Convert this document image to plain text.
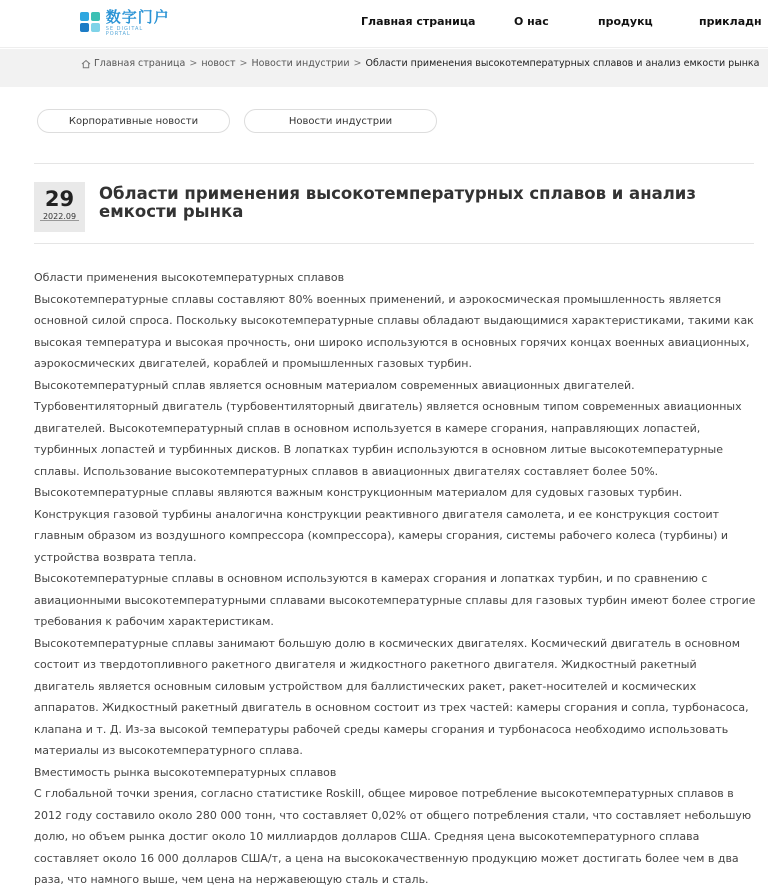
数字门户
SE DIGITAL PORTAL
Главная страница	О нас	продукц	прикладн
Главная страница > новост > Новости индустрии > Области применения высокотемпературных сплавов и анализ емкости рынка
Корпоративные новости	Новости индустрии
29
2022.09
Области применения высокотемпературных сплавов и анализ емкости рынка

Области применения высокотемпературных сплавов

Высокотемпературные сплавы составляют 80% военных применений, и аэрокосмическая промышленность является основной силой спроса. Поскольку высокотемпературные сплавы обладают выдающимися характеристиками, такими как высокая температура и высокая прочность, они широко используются в основных горячих концах военных авиационных, аэрокосмических двигателей, кораблей и промышленных газовых турбин.

Высокотемпературный сплав является основным материалом современных авиационных двигателей. Турбовентиляторный двигатель (турбовентиляторный двигатель) является основным типом современных авиационных двигателей. Высокотемпературный сплав в основном используется в камере сгорания, направляющих лопастей, турбинных лопастей и турбинных дисков. В лопатках турбин используются в основном литые высокотемпературные сплавы. Использование высокотемпературных сплавов в авиационных двигателях составляет более 50%.

Высокотемпературные сплавы являются важным конструкционным материалом для судовых газовых турбин. Конструкция газовой турбины аналогична конструкции реактивного двигателя самолета, и ее конструкция состоит главным образом из воздушного компрессора (компрессора), камеры сгорания, системы рабочего колеса (турбины) и устройства возврата тепла.

Высокотемпературные сплавы в основном используются в камерах сгорания и лопатках турбин, и по сравнению с авиационными высокотемпературными сплавами высокотемпературные сплавы для газовых турбин имеют более строгие требования к рабочим характеристикам.

Высокотемпературные сплавы занимают большую долю в космических двигателях. Космический двигатель в основном состоит из твердотопливного ракетного двигателя и жидкостного ракетного двигателя. Жидкостный ракетный двигатель является основным силовым устройством для баллистических ракет, ракет-носителей и космических аппаратов. Жидкостный ракетный двигатель в основном состоит из трех частей: камеры сгорания и сопла, турбонасоса, клапана и т. Д. Из-за высокой температуры рабочей среды камеры сгорания и турбонасоса необходимо использовать материалы из высокотемпературного сплава.

Вместимость рынка высокотемпературных сплавов

С глобальной точки зрения, согласно статистике Roskill, общее мировое потребление высокотемпературных сплавов в 2012 году составило около 280 000 тонн, что составляет 0,02% от общего потребления стали, что составляет небольшую долю, но объем рынка достиг около 10 миллиардов долларов США. Средняя цена высокотемпературного сплава составляет около 16 000 долларов США/т, а цена на высококачественную продукцию может достигать более чем в два раза, что намного выше, чем цена на нержавеющую сталь и сталь.
